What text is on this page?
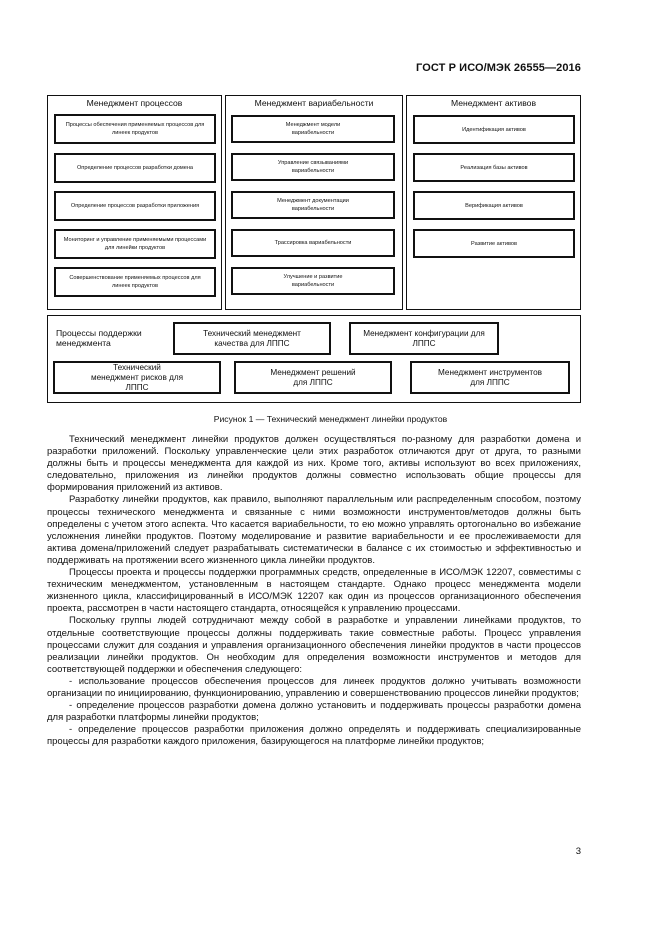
ГОСТ Р ИСО/МЭК 26555—2016
Менеджмент процессов
Процессы обеспечения применяемых процессов для линеек продуктов
Определение процессов разработки домена
Определение процессов разработки приложения
Мониторинг и управление применяемыми процессами для линейки продуктов
Совершенствование применяемых процессов для линеек продуктов
Менеджмент вариабельности
Менеджмент модели вариабельности
Управление связываниями вариабельности
Менеджмент документации вариабельности
Трассировка вариабельности
Улучшение и развитие вариабельности
Менеджмент активов
Идентификация активов
Реализация базы активов
Верификация активов
Развитие активов
Процессы поддержки менеджмента
Технический менеджмент качества для ЛППС
Менеджмент конфигурации для ЛППС
Технический менеджмент рисков для ЛППС
Менеджмент решений для ЛППС
Менеджмент инструментов для ЛППС
Рисунок 1 — Технический менеджмент линейки продуктов

Технический менеджмент линейки продуктов должен осуществляться по-разному для разработки домена и разработки приложений. Поскольку управленческие цели этих разработок отличаются друг от друга, то разными должны быть и процессы менеджмента для каждой из них. Кроме того, активы используют во всех приложениях, следовательно, приложения из линейки продуктов должны совместно использовать общие процессы для формирования приложений из активов.

Разработку линейки продуктов, как правило, выполняют параллельным или распределенным способом, поэтому процессы технического менеджмента и связанные с ними возможности инструментов/методов должны быть определены с учетом этого аспекта. Что касается вариабельности, то ею можно управлять ортогонально во избежание усложнения линейки продуктов. Поэтому моделирование и развитие вариабельности и ее прослеживаемости для актива домена/приложений следует разрабатывать систематически в балансе с их стоимостью и эффективностью и поддерживать на протяжении всего жизненного цикла линейки продуктов.

Процессы проекта и процессы поддержки программных средств, определенные в ИСО/МЭК 12207, совместимы с техническим менеджментом, установленным в настоящем стандарте. Однако процесс менеджмента модели жизненного цикла, классифицированный в ИСО/МЭК 12207 как один из процессов организационного обеспечения проекта, рассмотрен в части настоящего стандарта, относящейся к управлению процессами.

Поскольку группы людей сотрудничают между собой в разработке и управлении линейками продуктов, то отдельные соответствующие процессы должны поддерживать такие совместные работы. Процесс управления процессами служит для создания и управления организационного обеспечения линейки продуктов в части процессов реализации линейки продуктов. Он необходим для определения возможности инструментов и методов для соответствующей поддержки и обеспечения следующего:

- использование процессов обеспечения процессов для линеек продуктов должно учитывать возможности организации по инициированию, функционированию, управлению и совершенствованию процессов линейки продуктов;

- определение процессов разработки домена должно установить и поддерживать процессы разработки домена для разработки платформы линейки продуктов;

- определение процессов разработки приложения должно определять и поддерживать специализированные процессы для разработки каждого приложения, базирующегося на платформе линейки продуктов;

3
